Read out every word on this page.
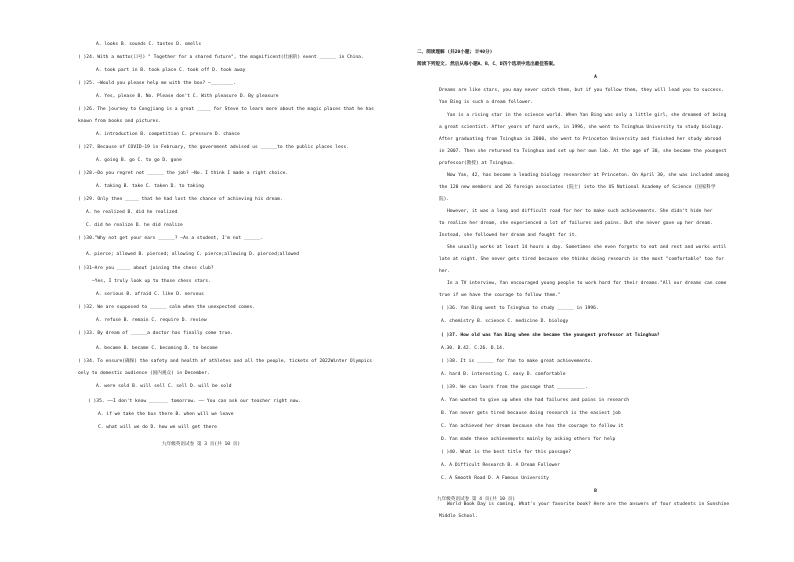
A. looks B. sounds C. tastes D. smells
( )24. With a motto(口号) " Together for a shared future", the magnificent(壮丽的) event ______ in China.
A. took part in B. took place C. took off D. took away
( )25. —Would you please help me with the box? —________.
A. Yes, please B. No. Please don't C. With pleasure D. By pleasure
( )26. The journey to Congjiang is a great _____ for Steve to learn more about the magic places that he has
known from books and pictures.
A. introduction B. competition C. pressure D. chance
( )27. Because of COVID-19 in February, the government advised us ______to the public places less.
A. going B. go C. to go D. gone
( )28.—Do you regret not ______ the job? —No. I think I made a right choice.
A. taking B. take C. taken D. to taking
( )29. Only then _____ that he had lost the chance of achieving his dream.
A. he realized B. did he realized
C. did he realize D. he did realize
( )30."Why not get your ears ______? —As a student, I'm not ______.
A. pierce; allowed B. pierced; allowing C. pierce;allowing D. pierced;allowed
( )31—Are you _____ about joining the chess club?
—Yes, I truly look up to those chess stars.
A. serious B. afraid C. like D. nervous
( )32. We are supposed to ______ calm when the unexpected comes.
A. refuse B. remain C. require D. review
( )33. By dream of ______a doctor has finally come true.
A. became B. became C. becoming D. to become
( )34. To ensure(确保) the safety and health of athletes and all the people, tickets of 2022Winter Olympics
only to domestic audience (国内观众) in December.
A. were sold B. will sell C. sell D. will be sold
( )35. ——I don't know _______ tomorrow. —— You can ask our teacher right now.
A. if we take the bus there B. when will we leave
C. what will we do D. how we will get there
九年级英语试卷 第 3 页(共 10 页)
二、阅读理解 (共20小题; 计40分)
阅读下列短文, 然后从每小题A、B、C、D四个选项中选出最佳答案。
A
Dreams are like stars, you may never catch them, but if you follow them, they will lead you to success.
Yan Bing is such a dream follower.
Yan is a rising star in the science world. When Yan Bing was only a little girl, she dreamed of being
a great scientist. After years of hard work, in 1996, she went to Tsinghua University to study biology.
After graduating from Tsinghua in 2000, she went to Princeton University and finished her study abroad
in 2007. Then she returned to Tsinghua and set up her own lab. At the age of 30, she became the youngest
professor(教授) at Tsinghua.
Now Yan, 42, has become a leading biology researcher at Princeton. On April 30, she was included among
the 120 new members and 26 foreign associates (院士) into the US National Academy of Science (国家科学
院).
However, it was a long and difficult road for her to make such achievements. She didn't hide her
to realize her dream, she experienced a lot of failures and pains. But she never gave up her dream.
Instead, she followed her dream and fought for it.
She usually works at least 14 hours a day. Sometimes she even forgets to eat and rest and works until
late at night. She never gets tired because she thinks doing research is the most "comfortable" too for
her.
In a TV interview, Yan encouraged young people to work hard for their dreams."All our dreams can come
true if we have the courage to follow them."
( )36. Yan Bing went to Tsinghua to study ______ in 1996.
A. chemistry B. science C. medicine D. biology
( )37. How old was Yan Bing when she became the youngest professor at Tsinghua?
A.30. B.42. C.26. D.14.
( )38. It is ______ for Yan to make great achievements.
A. hard B. interesting C. easy D. comfortable
( )39. We can learn from the passage that __________.
A. Yan wanted to give up when she had failures and pains in research
B. Yan never gets tired because doing research is the easiest job
C. Yan achieved her dream because she has the courage to follow it
D. Yan made these achievements mainly by asking others for help
( )40. What is the best title for this passage?
A. A Difficult Research B. A Dream Follower
C. A Smooth Road D. A Famous University
B
World Book Day is coming. What's your favorite book? Here are the answers of four students in Sunshine
Middle School.
九年级英语试卷 第 4 页(共 10 页)
